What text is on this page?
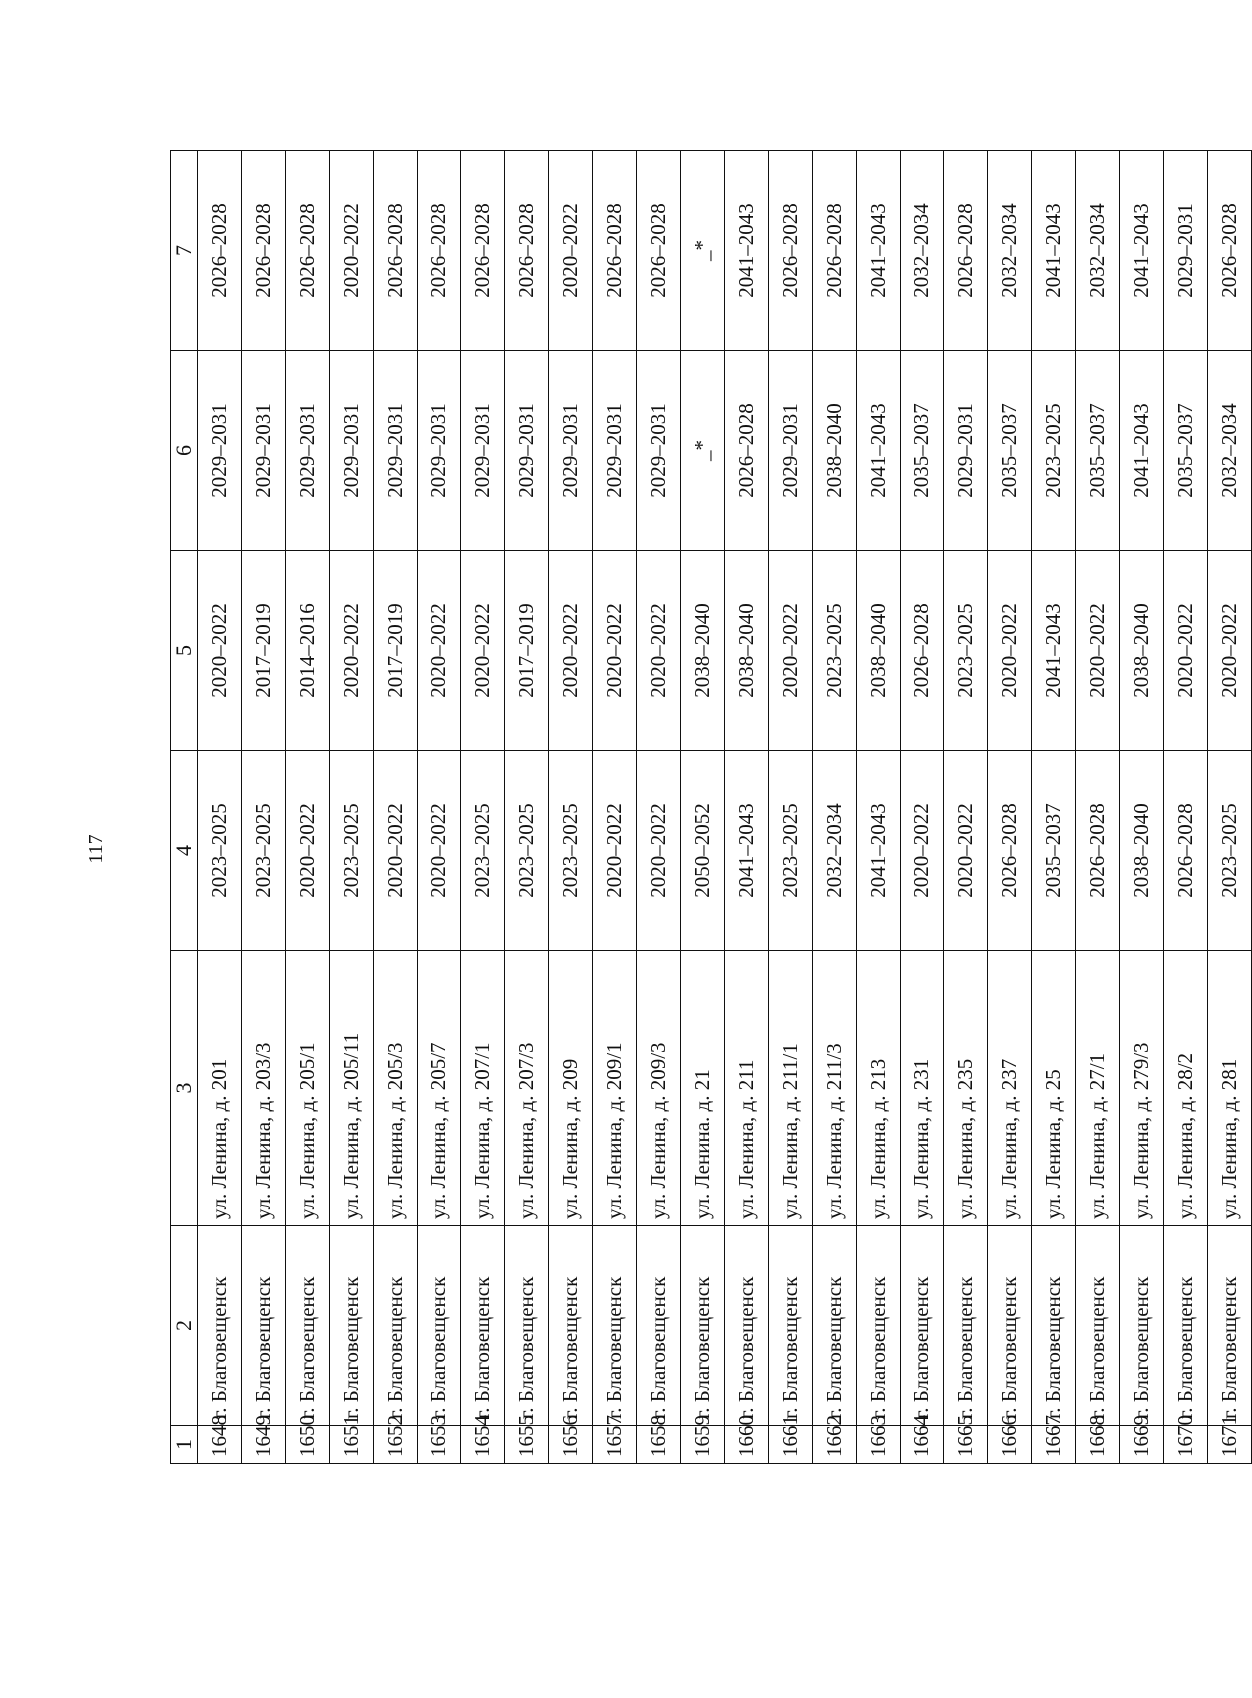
117
1	2	3	4	5	6	7
1648	г. Благовещенск	ул. Ленина, д. 201	2023–2025	2020–2022	2029–2031	2026–2028
1649	г. Благовещенск	ул. Ленина, д. 203/3	2023–2025	2017–2019	2029–2031	2026–2028
1650	г. Благовещенск	ул. Ленина, д. 205/1	2020–2022	2014–2016	2029–2031	2026–2028
1651	г. Благовещенск	ул. Ленина, д. 205/11	2023–2025	2020–2022	2029–2031	2020–2022
1652	г. Благовещенск	ул. Ленина, д. 205/3	2020–2022	2017–2019	2029–2031	2026–2028
1653	г. Благовещенск	ул. Ленина, д. 205/7	2020–2022	2020–2022	2029–2031	2026–2028
1654	г. Благовещенск	ул. Ленина, д. 207/1	2023–2025	2020–2022	2029–2031	2026–2028
1655	г. Благовещенск	ул. Ленина, д. 207/3	2023–2025	2017–2019	2029–2031	2026–2028
1656	г. Благовещенск	ул. Ленина, д. 209	2023–2025	2020–2022	2029–2031	2020–2022
1657	г. Благовещенск	ул. Ленина, д. 209/1	2020–2022	2020–2022	2029–2031	2026–2028
1658	г. Благовещенск	ул. Ленина, д. 209/3	2020–2022	2020–2022	2029–2031	2026–2028
1659	г. Благовещенск	ул. Ленина. д. 21	2050–2052	2038–2040	_*	_*
1660	г. Благовещенск	ул. Ленина, д. 211	2041–2043	2038–2040	2026–2028	2041–2043
1661	г. Благовещенск	ул. Ленина, д. 211/1	2023–2025	2020–2022	2029–2031	2026–2028
1662	г. Благовещенск	ул. Ленина, д. 211/3	2032–2034	2023–2025	2038–2040	2026–2028
1663	г. Благовещенск	ул. Ленина, д. 213	2041–2043	2038–2040	2041–2043	2041–2043
1664	г. Благовещенск	ул. Ленина, д. 231	2020–2022	2026–2028	2035–2037	2032–2034
1665	г. Благовещенск	ул. Ленина, д. 235	2020–2022	2023–2025	2029–2031	2026–2028
1666	г. Благовещенск	ул. Ленина, д. 237	2026–2028	2020–2022	2035–2037	2032–2034
1667	г. Благовещенск	ул. Ленина, д. 25	2035–2037	2041–2043	2023–2025	2041–2043
1668	г. Благовещенск	ул. Ленина, д. 27/1	2026–2028	2020–2022	2035–2037	2032–2034
1669	г. Благовещенск	ул. Ленина, д. 279/3	2038–2040	2038–2040	2041–2043	2041–2043
1670	г. Благовещенск	ул. Ленина, д. 28/2	2026–2028	2020–2022	2035–2037	2029–2031
1671	г. Благовещенск	ул. Ленина, д. 281	2023–2025	2020–2022	2032–2034	2026–2028
